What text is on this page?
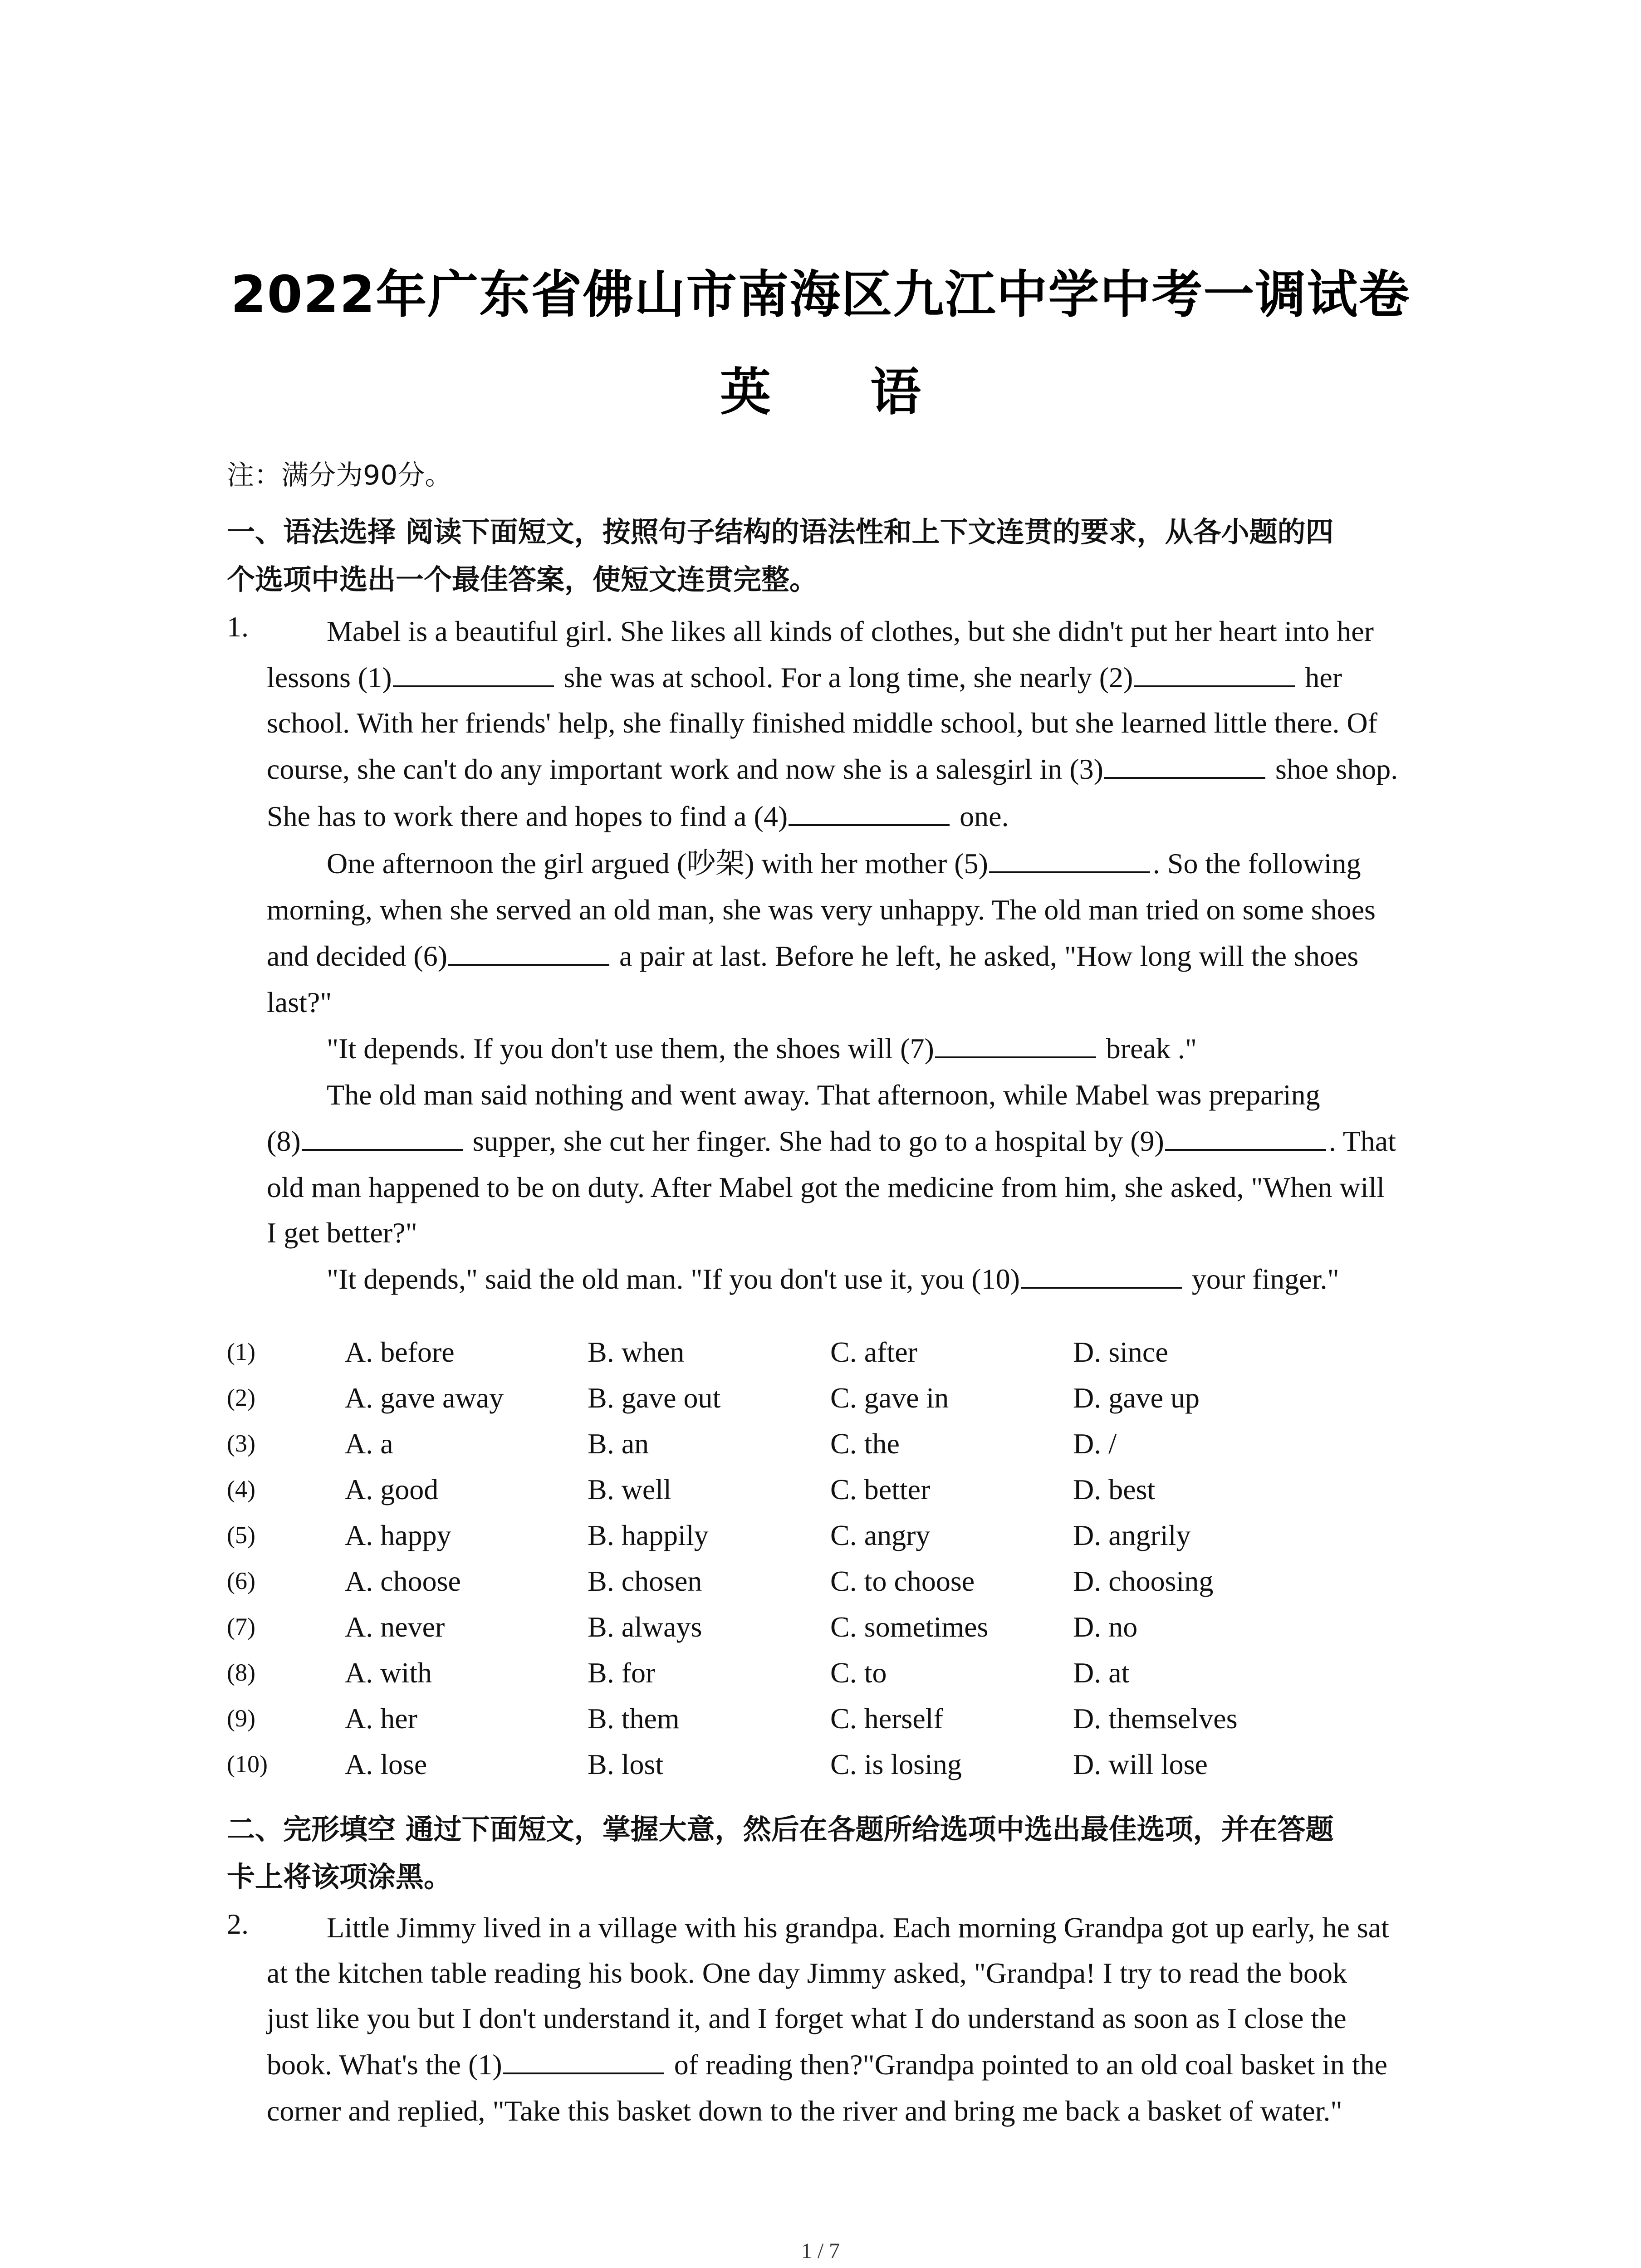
2022年广东省佛山市南海区九江中学中考一调试卷
英 语
注：满分为90分。
一、语法选择 阅读下面短文，按照句子结构的语法性和上下文连贯的要求，从各小题的四
个选项中选出一个最佳答案，使短文连贯完整。
1.	Mabel is a beautiful girl. She likes all kinds of clothes, but she didn't put her heart into her
lessons (1)	she was at school. For a long time, she nearly (2)	her
school. With her friends' help, she finally finished middle school, but she learned little there. Of
course, she can't do any important work and now she is a salesgirl in (3)	shoe shop.
She has to work there and hopes to find a (4)	one.
One afternoon the girl argued (吵架) with her mother (5)	. So the following
morning, when she served an old man, she was very unhappy. The old man tried on some shoes
and decided (6)	a pair at last. Before he left, he asked, "How long will the shoes
last?"
"It depends. If you don't use them, the shoes will (7)	break ."
The old man said nothing and went away. That afternoon, while Mabel was preparing
(8)	supper, she cut her finger. She had to go to a hospital by (9)	. That
old man happened to be on duty. After Mabel got the medicine from him, she asked, "When will
I get better?"
"It depends," said the old man. "If you don't use it, you (10)	your finger."
(1)	A. before	B. when	C. after	D. since
(2)	A. gave away	B. gave out	C. gave in	D. gave up
(3)	A. a	B. an	C. the	D. /
(4)	A. good	B. well	C. better	D. best
(5)	A. happy	B. happily	C. angry	D. angrily
(6)	A. choose	B. chosen	C. to choose	D. choosing
(7)	A. never	B. always	C. sometimes	D. no
(8)	A. with	B. for	C. to	D. at
(9)	A. her	B. them	C. herself	D. themselves
(10)	A. lose	B. lost	C. is losing	D. will lose
二、完形填空 通过下面短文，掌握大意，然后在各题所给选项中选出最佳选项，并在答题
卡上将该项涂黑。
2.	Little Jimmy lived in a village with his grandpa. Each morning Grandpa got up early, he sat
at the kitchen table reading his book. One day Jimmy asked, "Grandpa! I try to read the book
just like you but I don't understand it, and I forget what I do understand as soon as I close the
book. What's the (1)	of reading then?"Grandpa pointed to an old coal basket in the
corner and replied, "Take this basket down to the river and bring me back a basket of water."
1 / 7
